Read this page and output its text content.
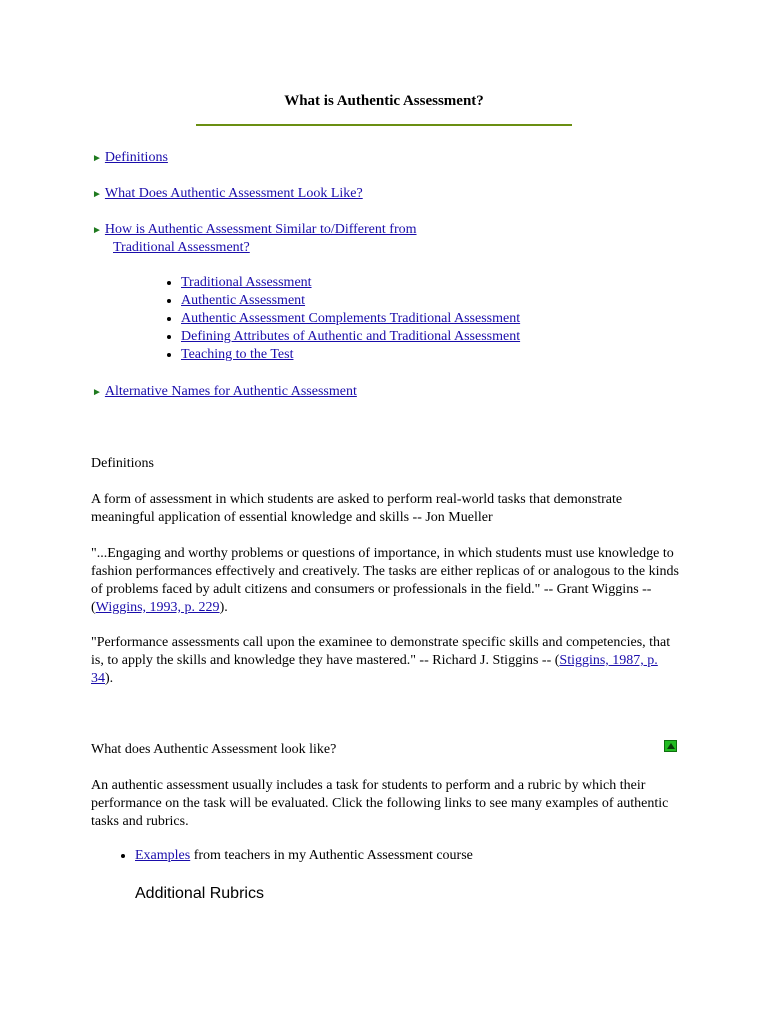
What is Authentic Assessment?
► Definitions
► What Does Authentic Assessment Look Like?
► How is Authentic Assessment Similar to/Different from
Traditional Assessment?
• Traditional Assessment
• Authentic Assessment
• Authentic Assessment Complements Traditional Assessment
• Defining Attributes of Authentic and Traditional Assessment
• Teaching to the Test
► Alternative Names for Authentic Assessment
Definitions
A form of assessment in which students are asked to perform real-world tasks that demonstrate meaningful application of essential knowledge and skills -- Jon Mueller
"...Engaging and worthy problems or questions of importance, in which students must use knowledge to fashion performances effectively and creatively. The tasks are either replicas of or analogous to the kinds of problems faced by adult citizens and consumers or professionals in the field." -- Grant Wiggins -- (Wiggins, 1993, p. 229).
"Performance assessments call upon the examinee to demonstrate specific skills and competencies, that is, to apply the skills and knowledge they have mastered." -- Richard J. Stiggins -- (Stiggins, 1987, p. 34).
What does Authentic Assessment look like?
An authentic assessment usually includes a task for students to perform and a rubric by which their performance on the task will be evaluated. Click the following links to see many examples of authentic tasks and rubrics.
• Examples from teachers in my Authentic Assessment course
Additional Rubrics
